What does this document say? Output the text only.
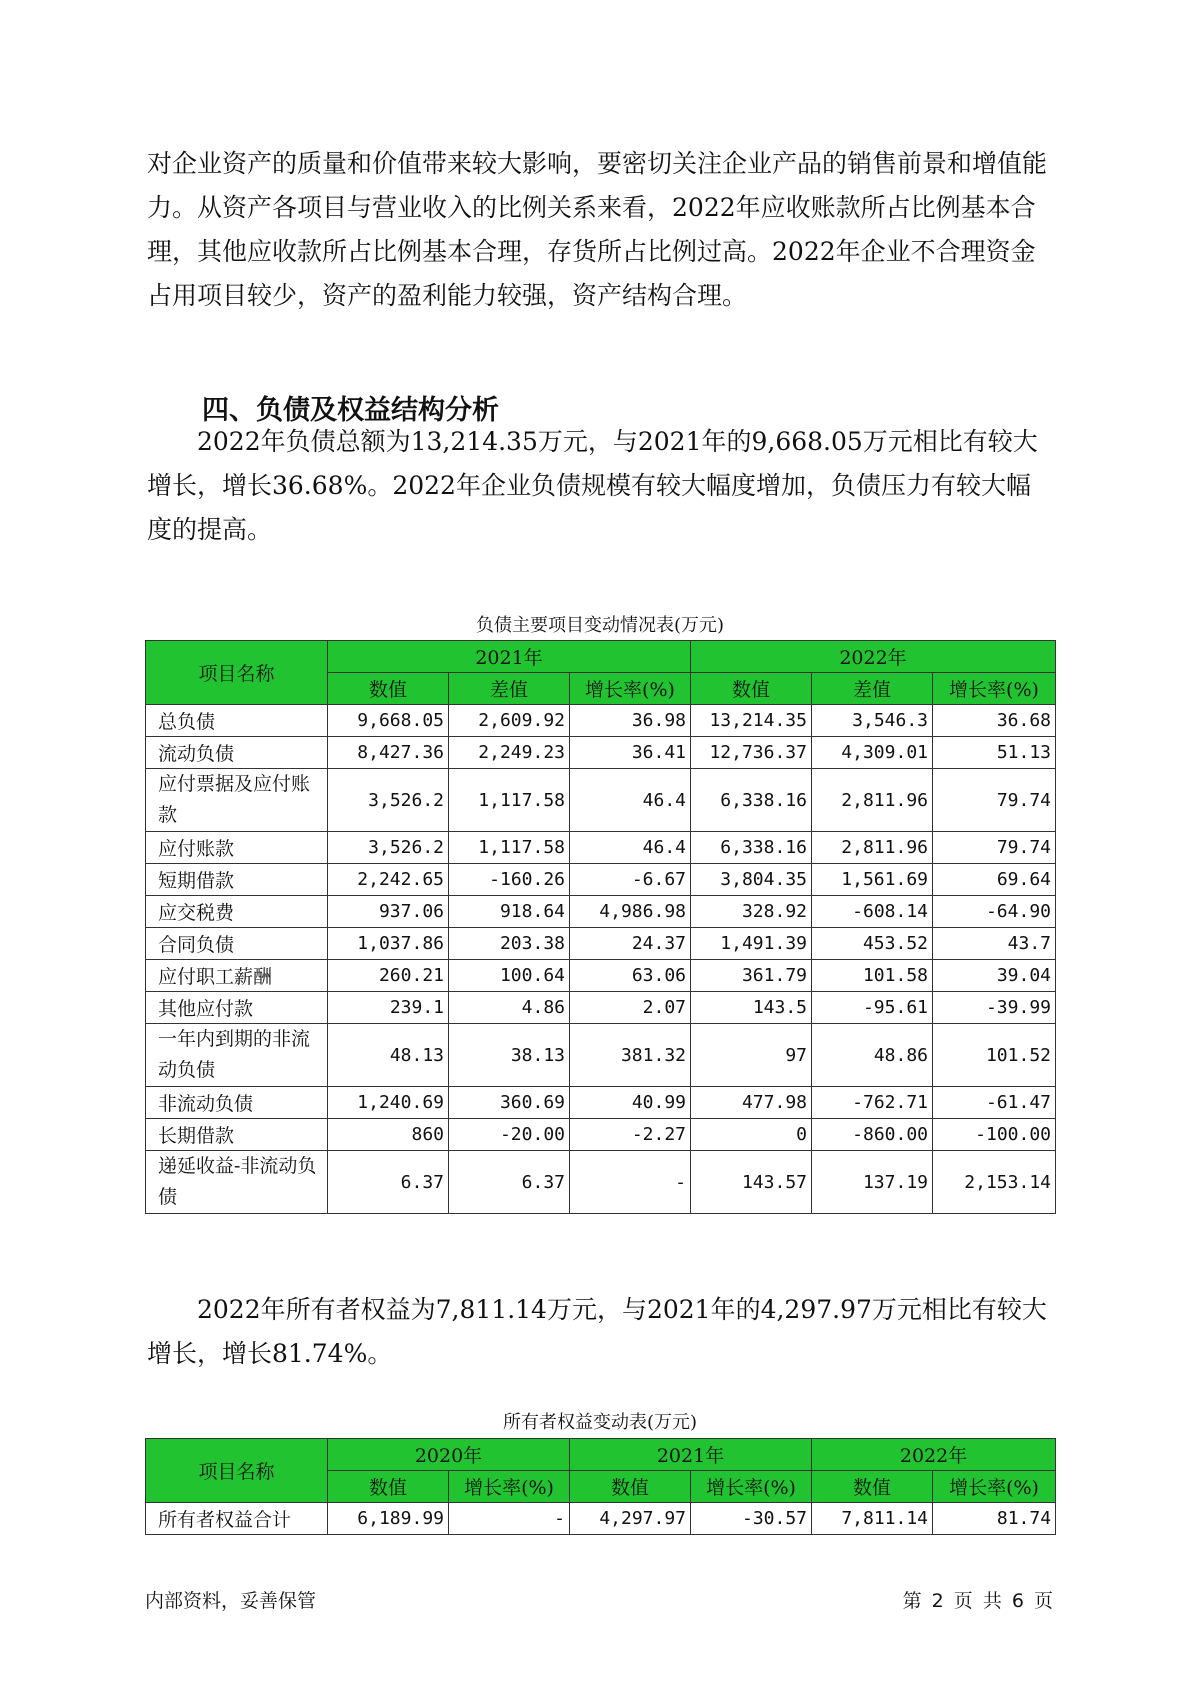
对企业资产的质量和价值带来较大影响，要密切关注企业产品的销售前景和增值能力。从资产各项目与营业收入的比例关系来看，2022年应收账款所占比例基本合理，其他应收款所占比例基本合理，存货所占比例过高。2022年企业不合理资金占用项目较少，资产的盈利能力较强，资产结构合理。

四、负债及权益结构分析

2022年负债总额为13,214.35万元，与2021年的9,668.05万元相比有较大增长，增长36.68%。2022年企业负债规模有较大幅度增加，负债压力有较大幅度的提高。

负债主要项目变动情况表(万元)

项目名称	2021年			2022年		
	数值	差值	增长率(%)	数值	差值	增长率(%)
总负债	9,668.05	2,609.92	36.98	13,214.35	3,546.3	36.68
流动负债	8,427.36	2,249.23	36.41	12,736.37	4,309.01	51.13
应付票据及应付账款	3,526.2	1,117.58	46.4	6,338.16	2,811.96	79.74
应付账款	3,526.2	1,117.58	46.4	6,338.16	2,811.96	79.74
短期借款	2,242.65	-160.26	-6.67	3,804.35	1,561.69	69.64
应交税费	937.06	918.64	4,986.98	328.92	-608.14	-64.90
合同负债	1,037.86	203.38	24.37	1,491.39	453.52	43.7
应付职工薪酬	260.21	100.64	63.06	361.79	101.58	39.04
其他应付款	239.1	4.86	2.07	143.5	-95.61	-39.99
一年内到期的非流动负债	48.13	38.13	381.32	97	48.86	101.52
非流动负债	1,240.69	360.69	40.99	477.98	-762.71	-61.47
长期借款	860	-20.00	-2.27	0	-860.00	-100.00
递延收益-非流动负债	6.37	6.37	-	143.57	137.19	2,153.14

2022年所有者权益为7,811.14万元，与2021年的4,297.97万元相比有较大增长，增长81.74%。

所有者权益变动表(万元)

项目名称	2020年		2021年		2022年	
	数值	增长率(%)	数值	增长率(%)	数值	增长率(%)
所有者权益合计	6,189.99	-	4,297.97	-30.57	7,811.14	81.74
内部资料，妥善保管	第 2 页 共 6 页
